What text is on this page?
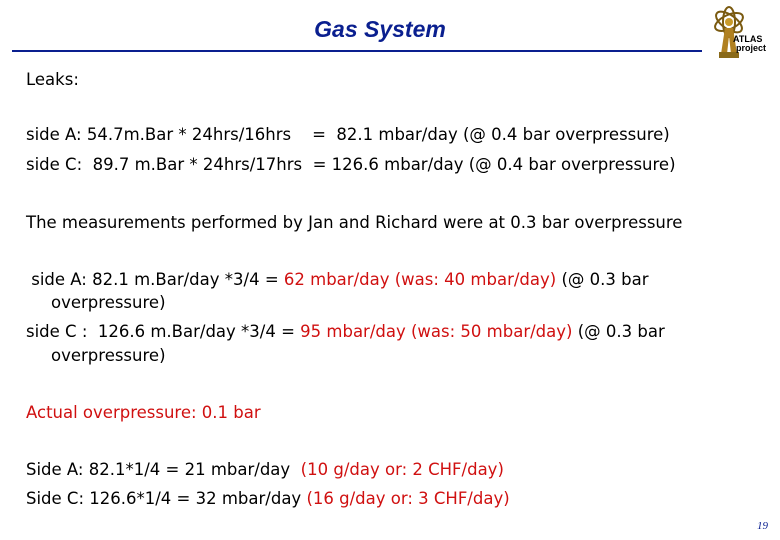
Gas System	ATLAS
project
Leaks:
side A: 54.7m.Bar * 24hrs/16hrs    =  82.1 mbar/day (@ 0.4 bar overpressure)
side C:  89.7 m.Bar * 24hrs/17hrs  = 126.6 mbar/day (@ 0.4 bar overpressure)
The measurements performed by Jan and Richard were at 0.3 bar overpressure
side A: 82.1 m.Bar/day *3/4 = 62 mbar/day (was: 40 mbar/day) (@ 0.3 bar
overpressure)
side C :  126.6 m.Bar/day *3/4 = 95 mbar/day (was: 50 mbar/day) (@ 0.3 bar
overpressure)
Actual overpressure: 0.1 bar
Side A: 82.1*1/4 = 21 mbar/day  (10 g/day or: 2 CHF/day)
Side C: 126.6*1/4 = 32 mbar/day (16 g/day or: 3 CHF/day)
19
